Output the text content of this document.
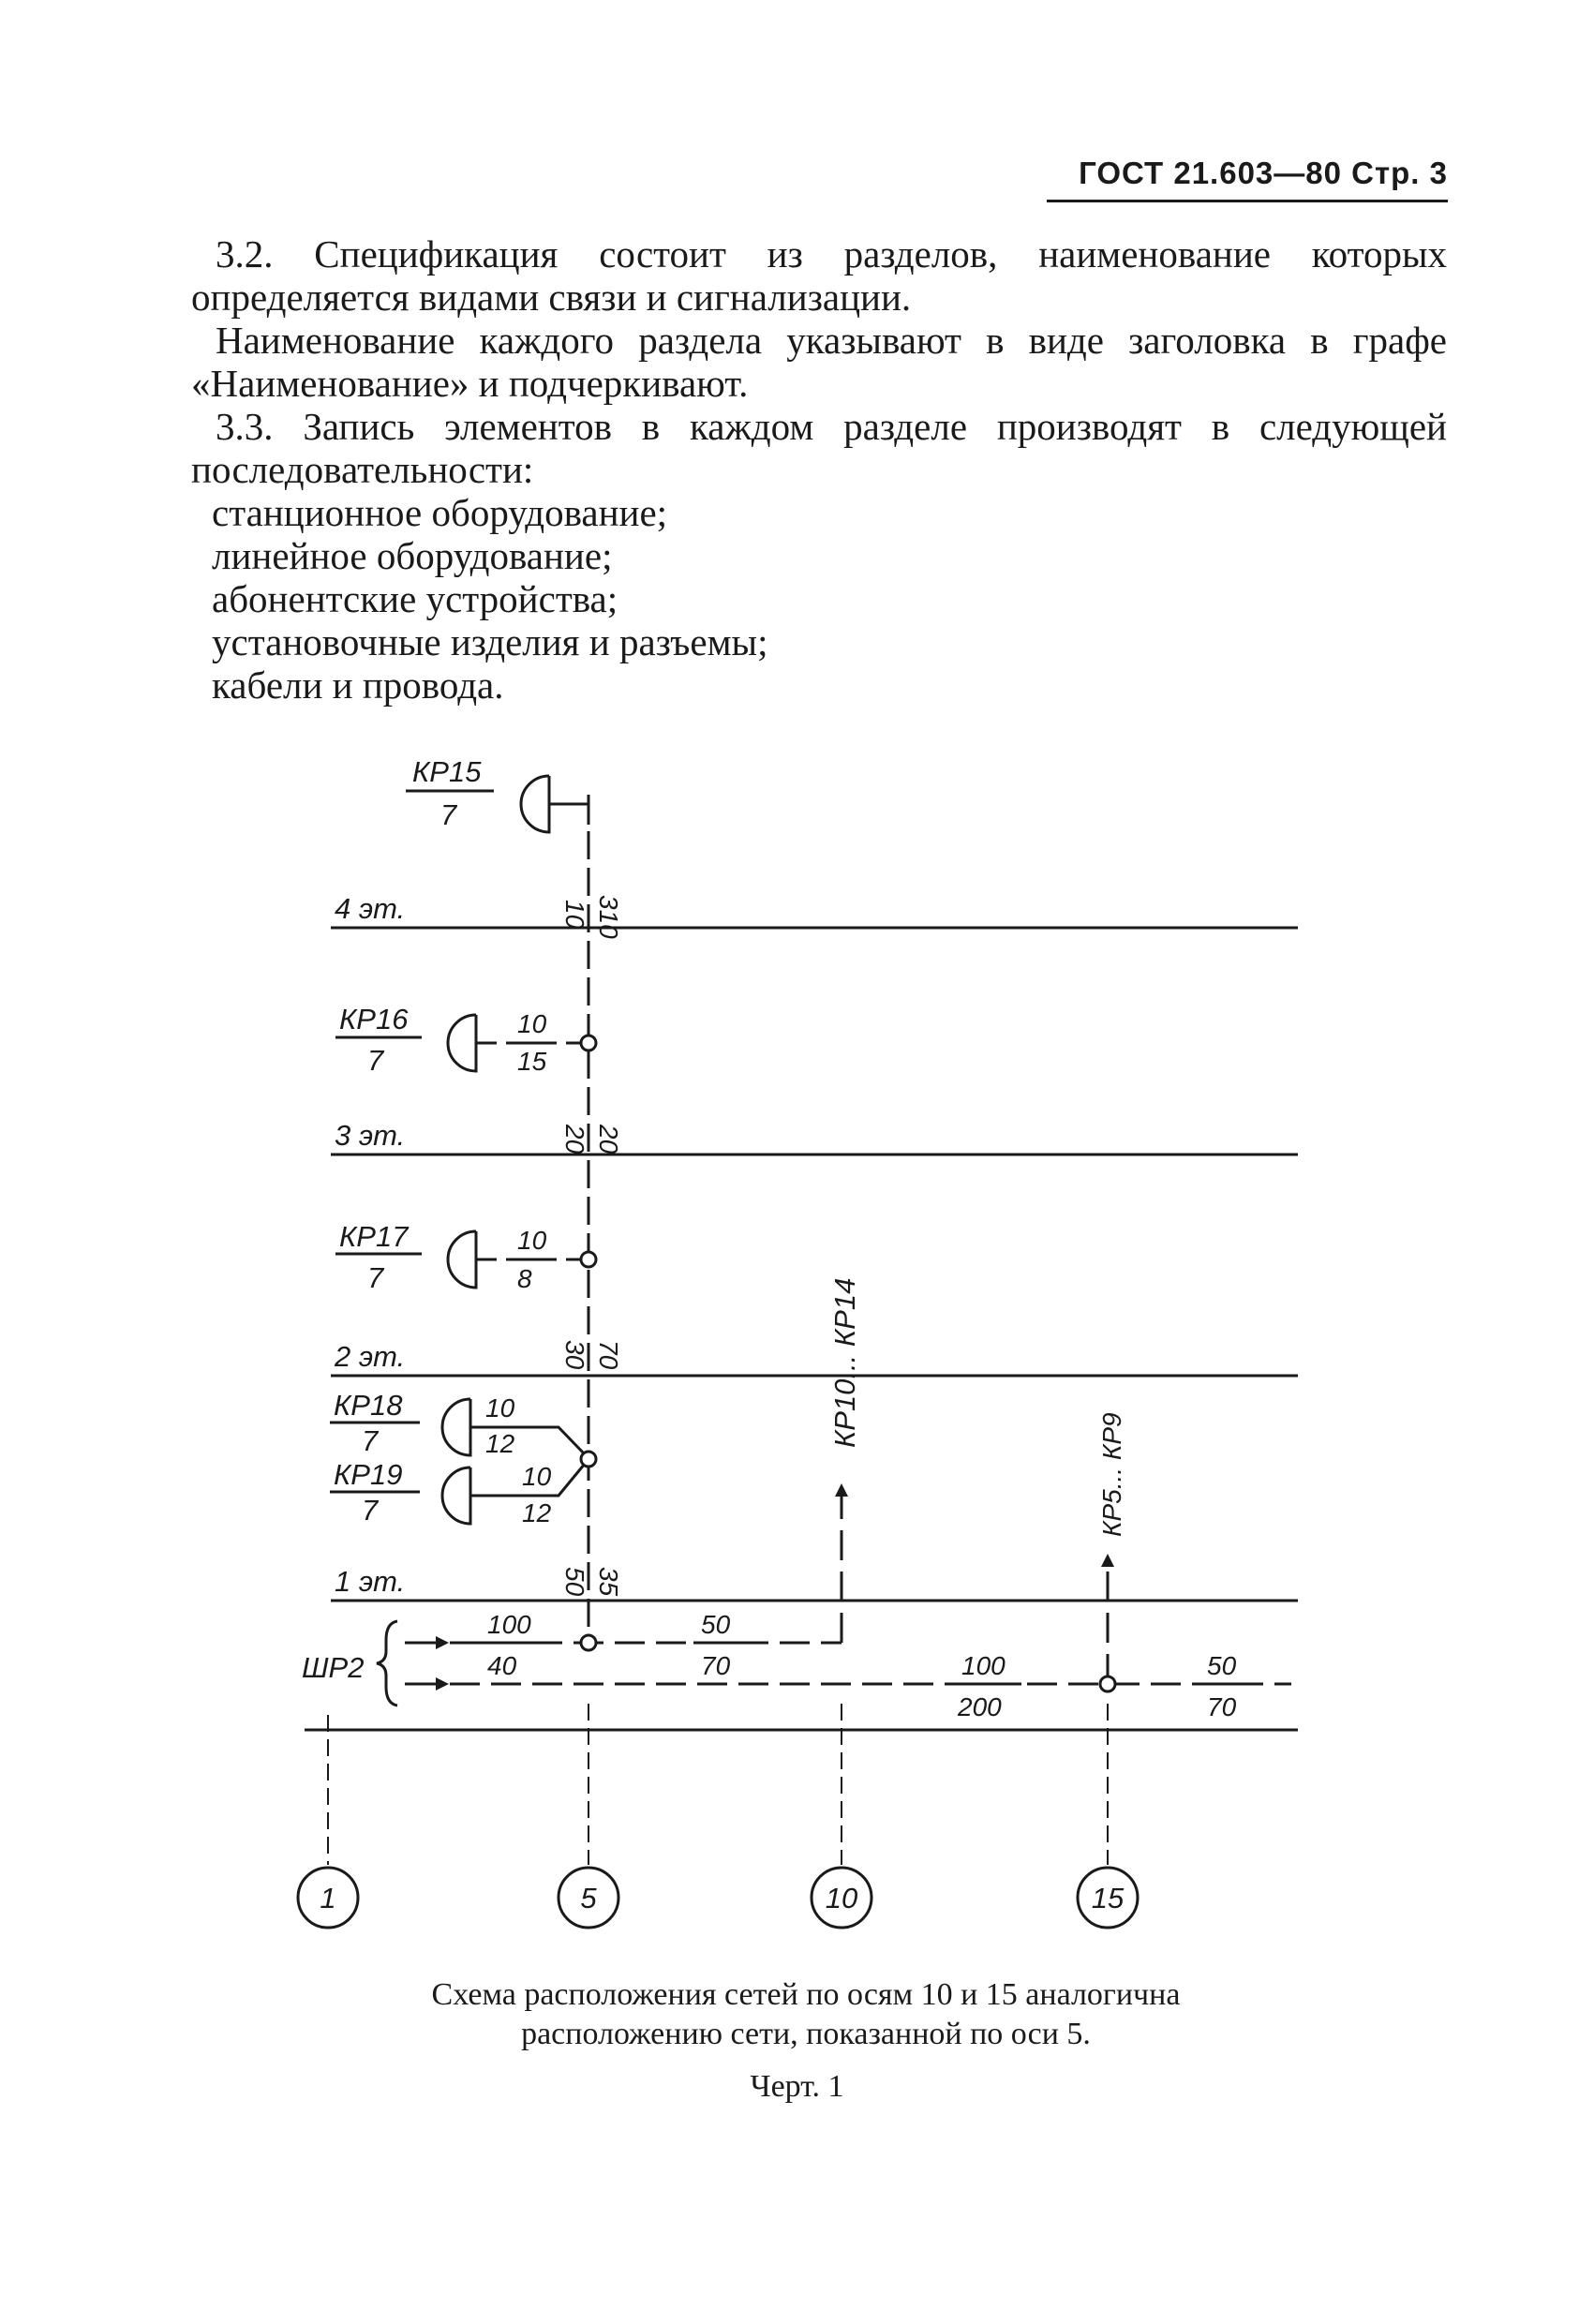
ГОСТ 21.603—80 Стр. 3

3.2. Спецификация состоит из разделов, наименование которых определяется видами связи и сигнализации.

Наименование каждого раздела указывают в виде заголовка в графе «Наименование» и подчеркивают.

3.3. Запись элементов в каждом разделе производят в следующей последовательности:

станционное оборудование;
линейное оборудование;
абонентские устройства;
установочные изделия и разъемы;
кабели и провода.
4 эт.
3 эт.
2 эт.
1 эт.
КР15
7
КР16
7
КР17
7
КР18
7
КР19
7
10
15
10
8
10
12
10
12
10 310
20 20
30 70
50 35
КР10... КР14
КР5... КР9
ШР2
100
40
50
70	100
200
50
70
1	5	10	15
Схема расположения сетей по осям 10 и 15 аналогична
расположению сети, показанной по оси 5.
Черт. 1
